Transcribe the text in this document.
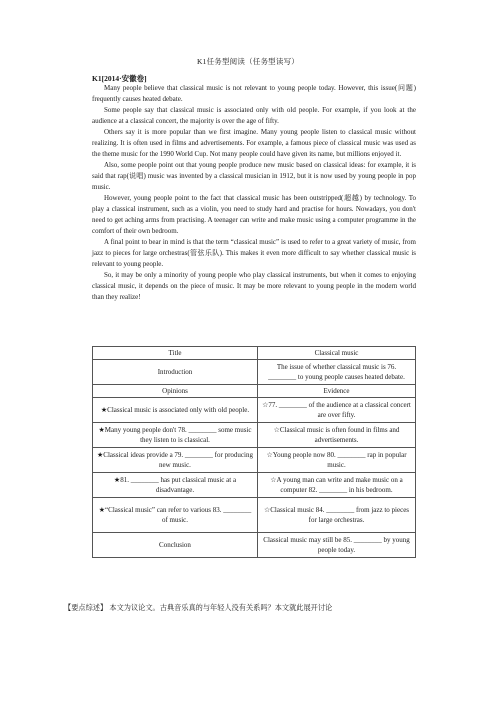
K1任务型阅读（任务型读写）
K1[2014·安徽卷]

Many people believe that classical music is not relevant to young people today. However, this issue(问题) frequently causes heated debate.

Some people say that classical music is associated only with old people. For example, if you look at the audience at a classical concert, the majority is over the age of fifty.

Others say it is more popular than we first imagine. Many young people listen to classical music without realizing. It is often used in films and advertisements. For example, a famous piece of classical music was used as the theme music for the 1990 World Cup. Not many people could have given its name, but millions enjoyed it.

Also, some people point out that young people produce new music based on classical ideas: for example, it is said that rap(说唱) music was invented by a classical musician in 1912, but it is now used by young people in pop music.

However, young people point to the fact that classical music has been outstripped(超越) by technology. To play a classical instrument, such as a violin, you need to study hard and practise for hours. Nowadays, you don't need to get aching arms from practising. A teenager can write and make music using a computer programme in the comfort of their own bedroom.

A final point to bear in mind is that the term “classical music” is used to refer to a great variety of music, from jazz to pieces for large orchestras(管弦乐队). This makes it even more difficult to say whether classical music is relevant to young people.

So, it may be only a minority of young people who play classical instruments, but when it comes to enjoying classical music, it depends on the piece of music. It may be more relevant to young people in the modern world than they realize!

Title	Classical music
Introduction	The issue of whether classical music is 76. ________ to young people causes heated debate.
Opinions	Evidence
★Classical music is associated only with old people.	☆77. ________ of the audience at a classical concert are over fifty.
★Many young people don't 78. ________ some music they listen to is classical.	☆Classical music is often found in films and advertisements.
★Classical ideas provide a 79. ________ for producing new music.	☆Young people now 80. ________ rap in popular music.
★81. ________ has put classical music at a disadvantage.	☆A young man can write and make music on a computer 82. ________ in his bedroom.
★“Classical music” can refer to various 83. ________ of music.	☆Classical music 84. ________ from jazz to pieces for large orchestras.
Conclusion	Classical music may still be 85. ________ by young people today.
【要点综述】 本文为议论文。古典音乐真的与年轻人没有关系吗？本文就此展开讨论
